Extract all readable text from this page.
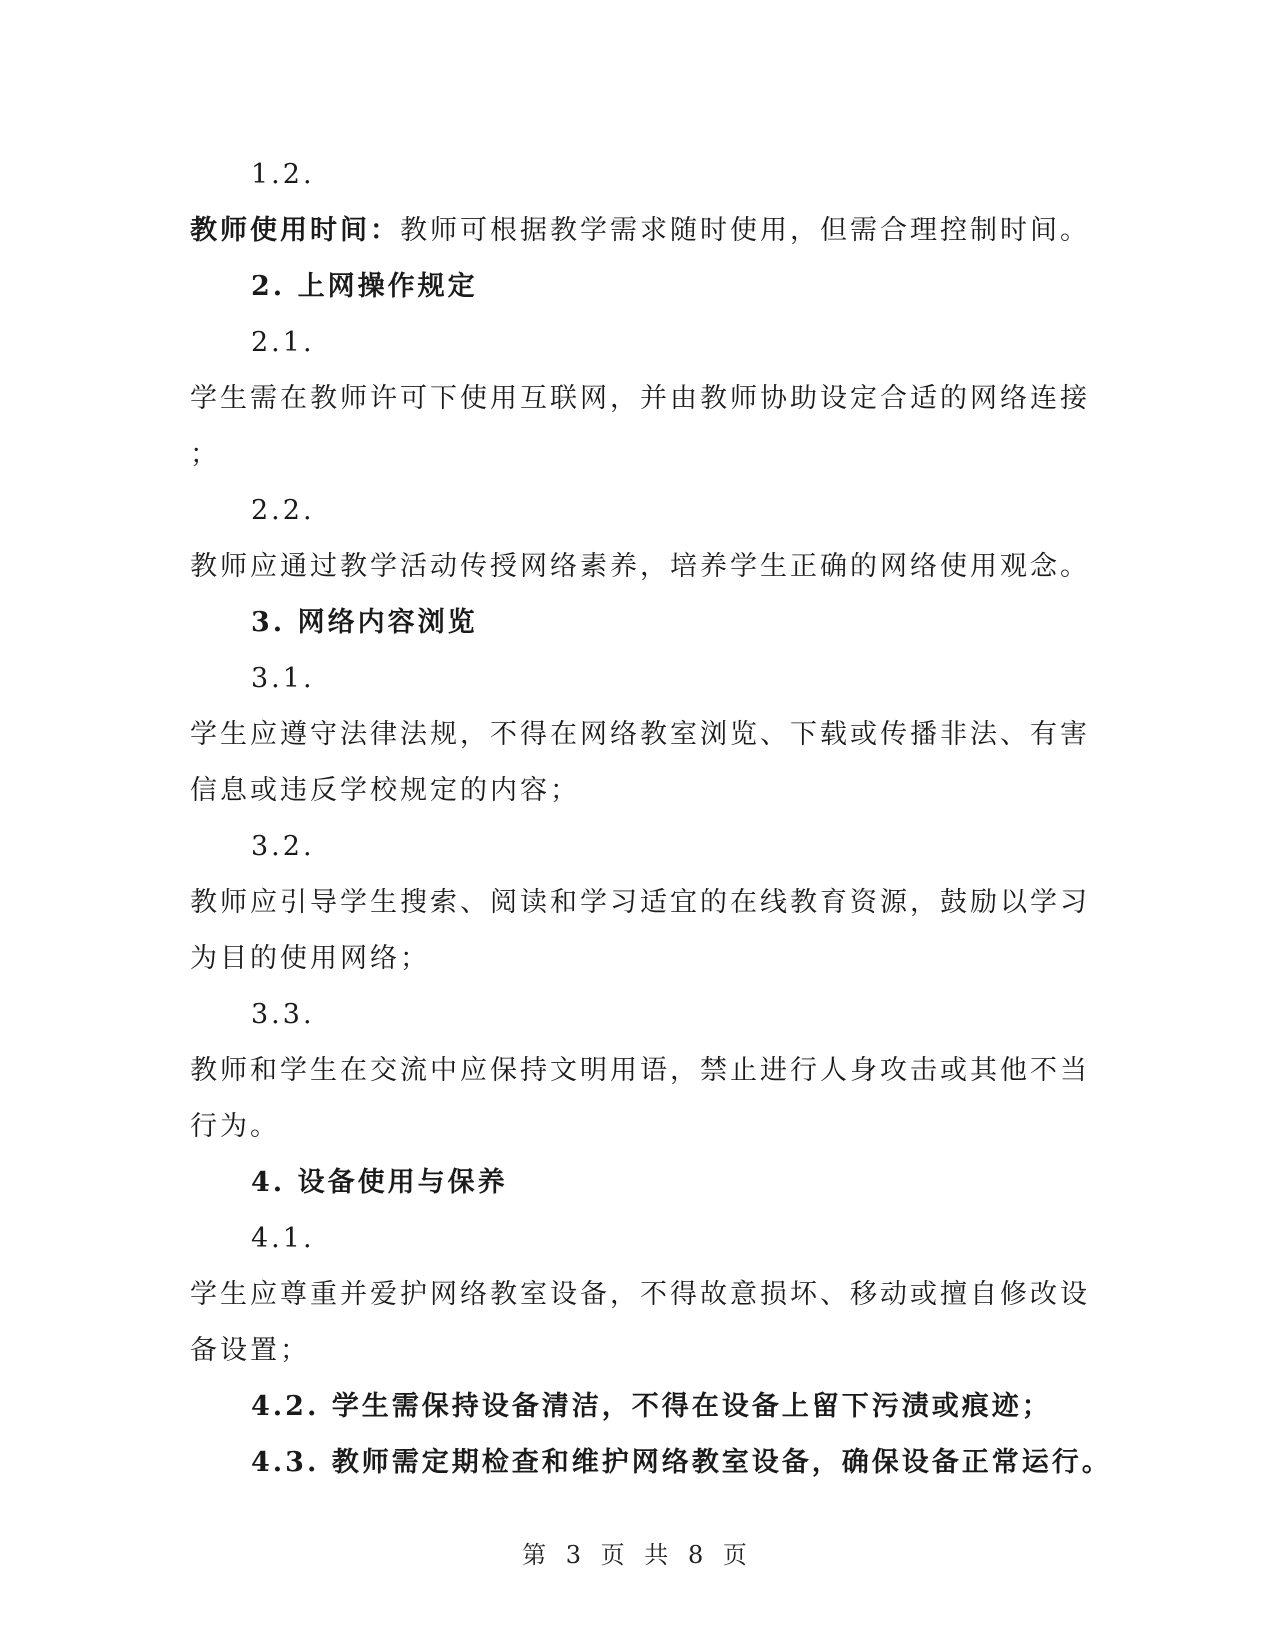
1.2.
教师使用时间：教师可根据教学需求随时使用，但需合理控制时间。
2. 上网操作规定
2.1.
学生需在教师许可下使用互联网，并由教师协助设定合适的网络连接
；
2.2.
教师应通过教学活动传授网络素养，培养学生正确的网络使用观念。
3. 网络内容浏览
3.1.
学生应遵守法律法规，不得在网络教室浏览、下载或传播非法、有害
信息或违反学校规定的内容；
3.2.
教师应引导学生搜索、阅读和学习适宜的在线教育资源，鼓励以学习
为目的使用网络；
3.3.
教师和学生在交流中应保持文明用语，禁止进行人身攻击或其他不当
行为。
4. 设备使用与保养
4.1.
学生应尊重并爱护网络教室设备，不得故意损坏、移动或擅自修改设
备设置；
4.2. 学生需保持设备清洁，不得在设备上留下污渍或痕迹；
4.3. 教师需定期检查和维护网络教室设备，确保设备正常运行。
第 3 页 共 8 页
